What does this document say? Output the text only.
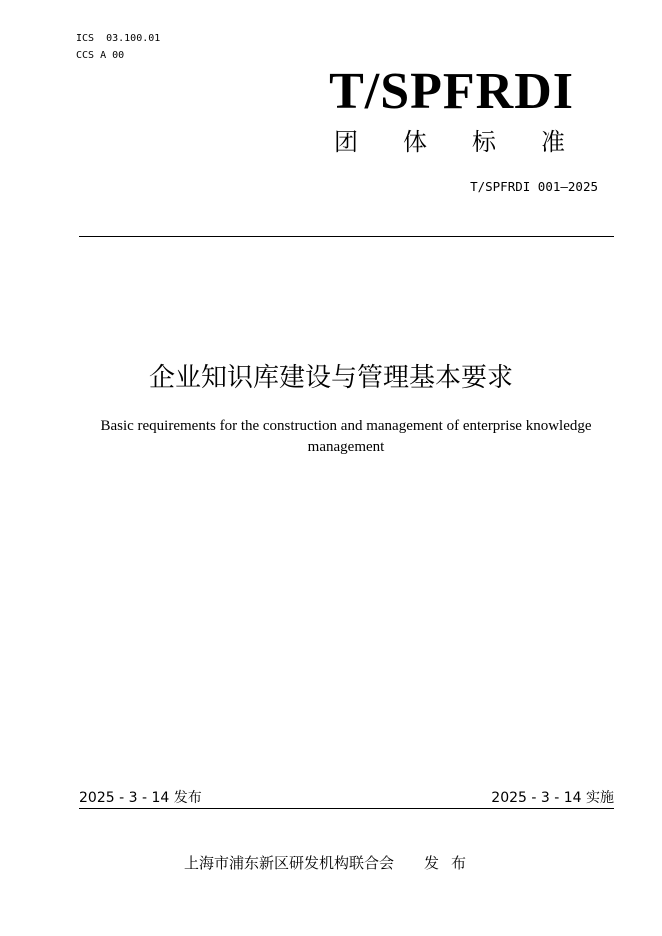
ICS  03.100.01

CCS A 00

T/SPFRDI
团体标准
T/SPFRDI 001—2025
企业知识库建设与管理基本要求

Basic requirements for the construction and management of enterprise knowledge management

2025 - 3 - 14 发布	2025 - 3 - 14 实施
上海市浦东新区研发机构联合会 发布
